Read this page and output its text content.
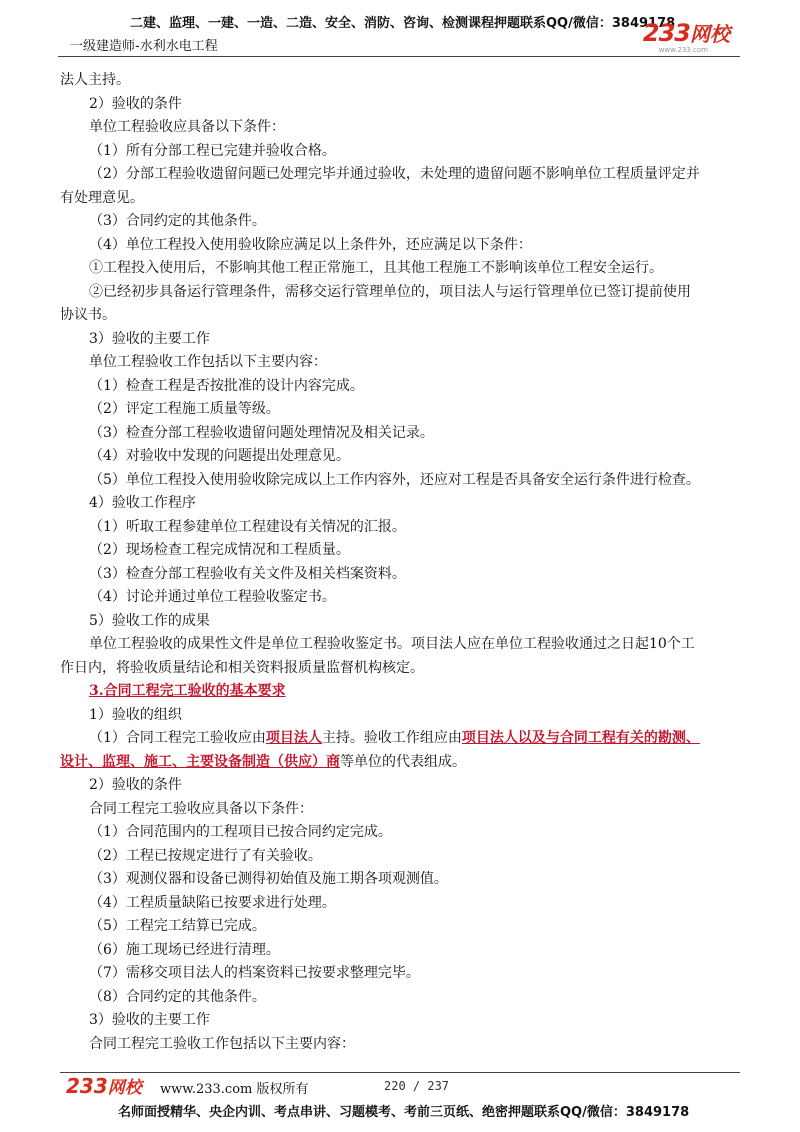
二建、监理、一建、一造、二造、安全、消防、咨询、检测课程押题联系QQ/微信：3849178
一级建造师-水利水电工程	233网校
www.233.com
法人主持。
2）验收的条件
单位工程验收应具备以下条件：
（1）所有分部工程已完建并验收合格。
（2）分部工程验收遗留问题已处理完毕并通过验收，未处理的遗留问题不影响单位工程质量评定并
有处理意见。
（3）合同约定的其他条件。
（4）单位工程投入使用验收除应满足以上条件外，还应满足以下条件：
①工程投入使用后，不影响其他工程正常施工，且其他工程施工不影响该单位工程安全运行。
②已经初步具备运行管理条件，需移交运行管理单位的，项目法人与运行管理单位已签订提前使用
协议书。
3）验收的主要工作
单位工程验收工作包括以下主要内容：
（1）检查工程是否按批准的设计内容完成。
（2）评定工程施工质量等级。
（3）检查分部工程验收遗留问题处理情况及相关记录。
（4）对验收中发现的问题提出处理意见。
（5）单位工程投入使用验收除完成以上工作内容外，还应对工程是否具备安全运行条件进行检查。
4）验收工作程序
（1）听取工程参建单位工程建设有关情况的汇报。
（2）现场检查工程完成情况和工程质量。
（3）检查分部工程验收有关文件及相关档案资料。
（4）讨论并通过单位工程验收鉴定书。
5）验收工作的成果
单位工程验收的成果性文件是单位工程验收鉴定书。项目法人应在单位工程验收通过之日起10个工
作日内，将验收质量结论和相关资料报质量监督机构核定。
3.合同工程完工验收的基本要求
1）验收的组织
（1）合同工程完工验收应由项目法人主持。验收工作组应由项目法人以及与合同工程有关的勘测、
设计、监理、施工、主要设备制造（供应）商等单位的代表组成。
2）验收的条件
合同工程完工验收应具备以下条件：
（1）合同范围内的工程项目已按合同约定完成。
（2）工程已按规定进行了有关验收。
（3）观测仪器和设备已测得初始值及施工期各项观测值。
（4）工程质量缺陷已按要求进行处理。
（5）工程完工结算已完成。
（6）施工现场已经进行清理。
（7）需移交项目法人的档案资料已按要求整理完毕。
（8）合同约定的其他条件。
3）验收的主要工作
合同工程完工验收工作包括以下主要内容：
233网校 www.233.com 版权所有	220 / 237
名师面授精华、央企内训、考点串讲、习题模考、考前三页纸、绝密押题联系QQ/微信：3849178
